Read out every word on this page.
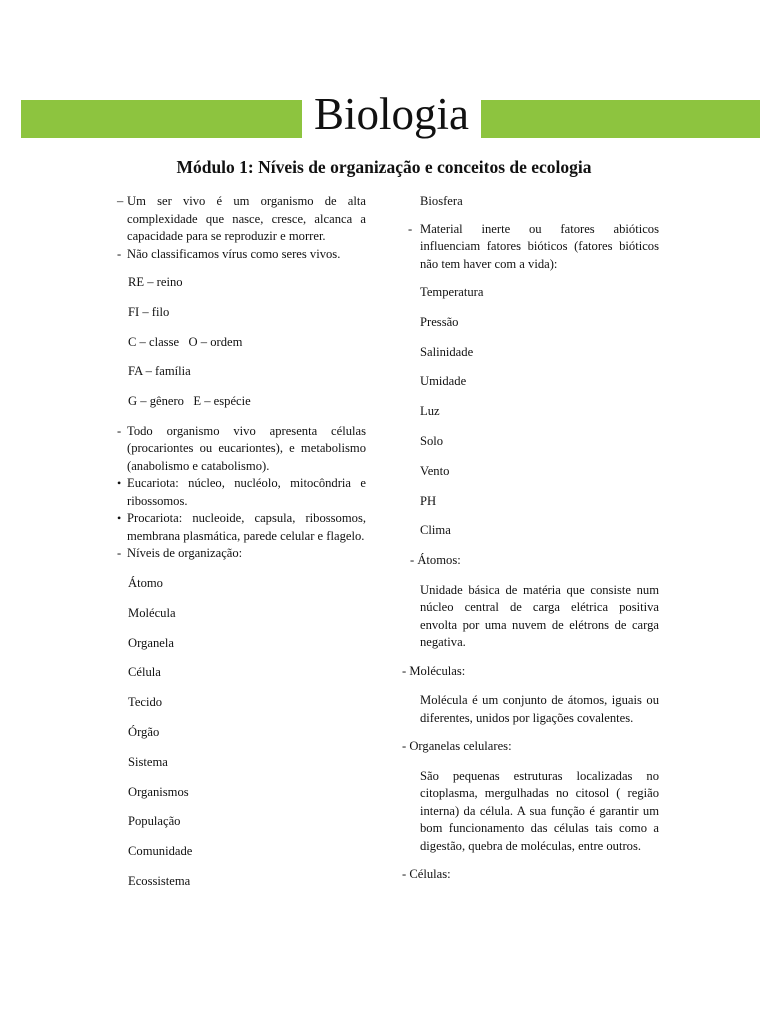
Biologia
Módulo 1: Níveis de organização e conceitos de ecologia
– Um ser vivo é um organismo de alta complexidade que nasce, cresce, alcanca a capacidade para se reproduzir e morrer.
- Não classificamos vírus como seres vivos.
RE – reino
FI – filo
C – classe   O – ordem
FA – família
G – gênero   E – espécie
- Todo organismo vivo apresenta células (procariontes ou eucariontes), e metabolismo (anabolismo e catabolismo).
• Eucariota: núcleo, nucléolo, mitocôndria e ribossomos.
• Procariota: nucleoide, capsula, ribossomos, membrana plasmática, parede celular e flagelo.
- Níveis de organização:
Átomo
Molécula
Organela
Célula
Tecido
Órgão
Sistema
Organismos
População
Comunidade
Ecossistema
Biosfera
- Material inerte ou fatores abióticos influenciam fatores bióticos (fatores bióticos não tem haver com a vida):
Temperatura
Pressão
Salinidade
Umidade
Luz
Solo
Vento
PH
Clima
- Átomos:
Unidade básica de matéria que consiste num núcleo central de carga elétrica positiva envolta por uma nuvem de elétrons de carga negativa.
- Moléculas:
Molécula é um conjunto de átomos, iguais ou diferentes, unidos por ligações covalentes.
- Organelas celulares:
São pequenas estruturas localizadas no citoplasma, mergulhadas no citosol ( região interna) da célula. A sua função é garantir um bom funcionamento das células tais como a digestão, quebra de moléculas, entre outros.
- Células:
